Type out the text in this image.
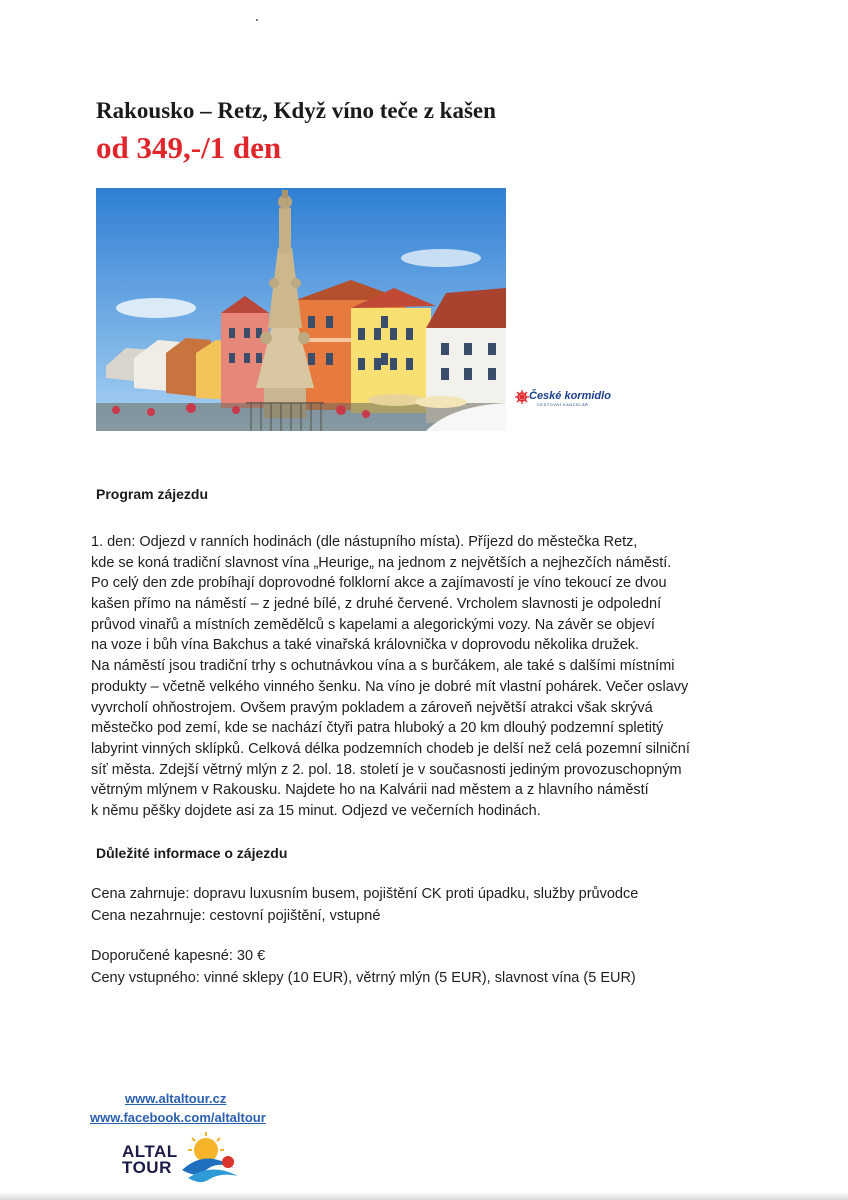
Rakousko – Retz, Když víno teče z kašen
od 349,-/1 den
České kormidlo
CESTOVNÍ KANCELÁŘ
Program zájezdu
1. den: Odjezd v ranních hodinách (dle nástupního místa). Příjezd do městečka Retz,
kde se koná tradiční slavnost vína „Heurige„ na jednom z největších a nejhezčích náměstí.
Po celý den zde probíhají doprovodné folklorní akce a zajímavostí je víno tekoucí ze dvou
kašen přímo na náměstí – z jedné bílé, z druhé červené. Vrcholem slavnosti je odpolední
průvod vinařů a místních zemědělců s kapelami a alegorickými vozy. Na závěr se objeví
na voze i bůh vína Bakchus a také vinařská královnička v doprovodu několika družek.
Na náměstí jsou tradiční trhy s ochutnávkou vína a s burčákem, ale také s dalšími místními
produkty – včetně velkého vinného šenku. Na víno je dobré mít vlastní pohárek. Večer oslavy
vyvrcholí ohňostrojem. Ovšem pravým pokladem a zároveň největší atrakci však skrývá
městečko pod zemí, kde se nachází čtyři patra hluboký a 20 km dlouhý podzemní spletitý
labyrint vinných sklípků. Celková délka podzemních chodeb je delší než celá pozemní silniční
síť města. Zdejší větrný mlýn z 2. pol. 18. století je v současnosti jediným provozuschopným
větrným mlýnem v Rakousku. Najdete ho na Kalvárii nad městem a z hlavního náměstí
k němu pěšky dojdete asi za 15 minut. Odjezd ve večerních hodinách.
Důležité informace o zájezdu
Cena zahrnuje: dopravu luxusním busem, pojištění CK proti úpadku, služby průvodce
Cena nezahrnuje: cestovní pojištění, vstupné
Doporučené kapesné: 30 €
Ceny vstupného: vinné sklepy (10 EUR), větrný mlýn (5 EUR), slavnost vína (5 EUR)
www.altaltour.cz
www.facebook.com/altaltour
ALTAL
TOUR
